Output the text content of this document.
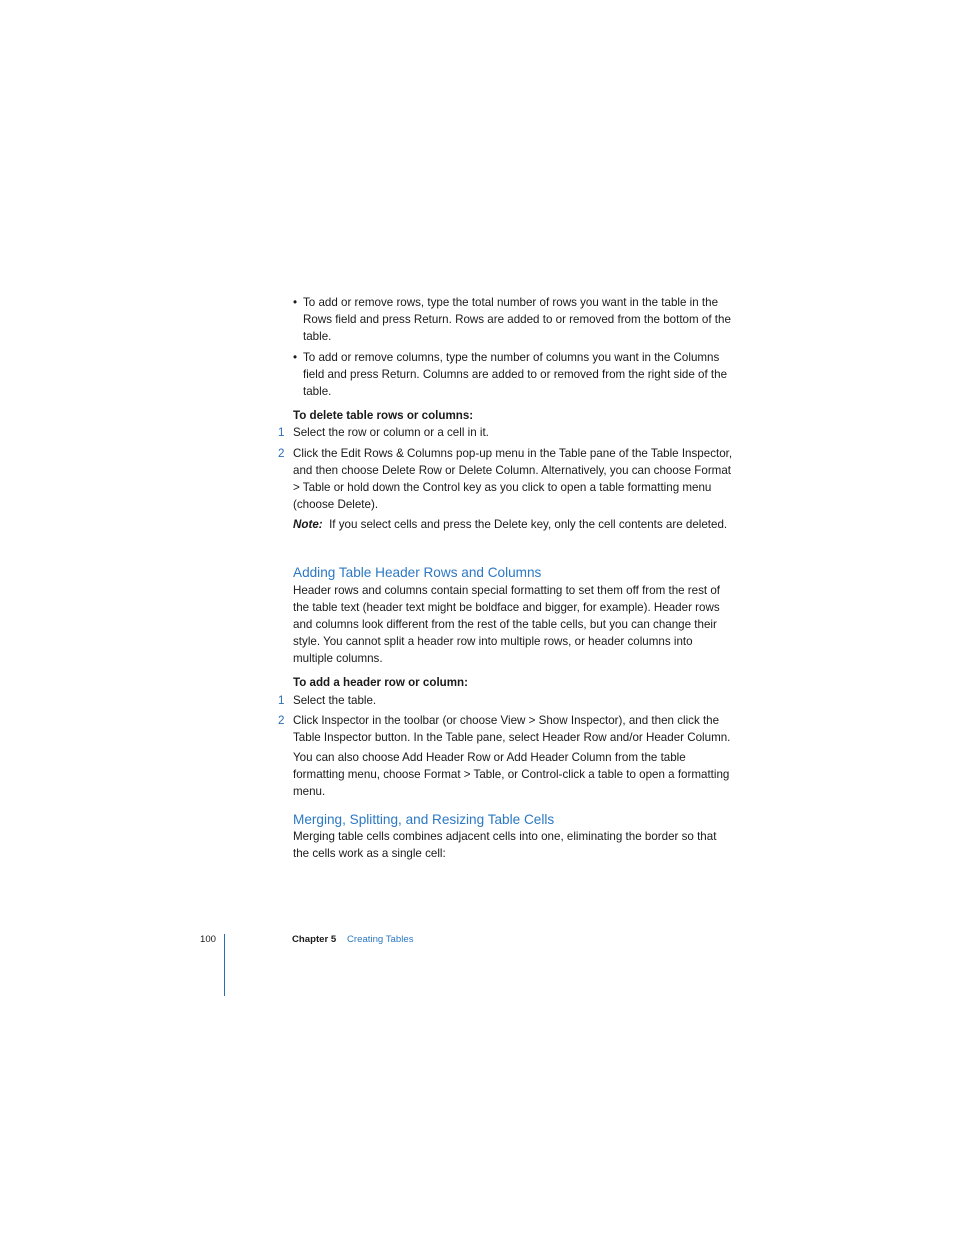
• To add or remove rows, type the total number of rows you want in the table in the Rows field and press Return. Rows are added to or removed from the bottom of the table.

• To add or remove columns, type the number of columns you want in the Columns field and press Return. Columns are added to or removed from the right side of the table.

To delete table rows or columns:
1 Select the row or column or a cell in it.
2 Click the Edit Rows & Columns pop-up menu in the Table pane of the Table Inspector, and then choose Delete Row or Delete Column. Alternatively, you can choose Format > Table or hold down the Control key as you click to open a table formatting menu (choose Delete).
Note: If you select cells and press the Delete key, only the cell contents are deleted.
Adding Table Header Rows and Columns

Header rows and columns contain special formatting to set them off from the rest of the table text (header text might be boldface and bigger, for example). Header rows and columns look different from the rest of the table cells, but you can change their style. You cannot split a header row into multiple rows, or header columns into multiple columns.

To add a header row or column:
1 Select the table.
2 Click Inspector in the toolbar (or choose View > Show Inspector), and then click the Table Inspector button. In the Table pane, select Header Row and/or Header Column.

You can also choose Add Header Row or Add Header Column from the table formatting menu, choose Format > Table, or Control-click a table to open a formatting menu.

Merging, Splitting, and Resizing Table Cells

Merging table cells combines adjacent cells into one, eliminating the border so that the cells work as a single cell:

100	Chapter 5 Creating Tables
